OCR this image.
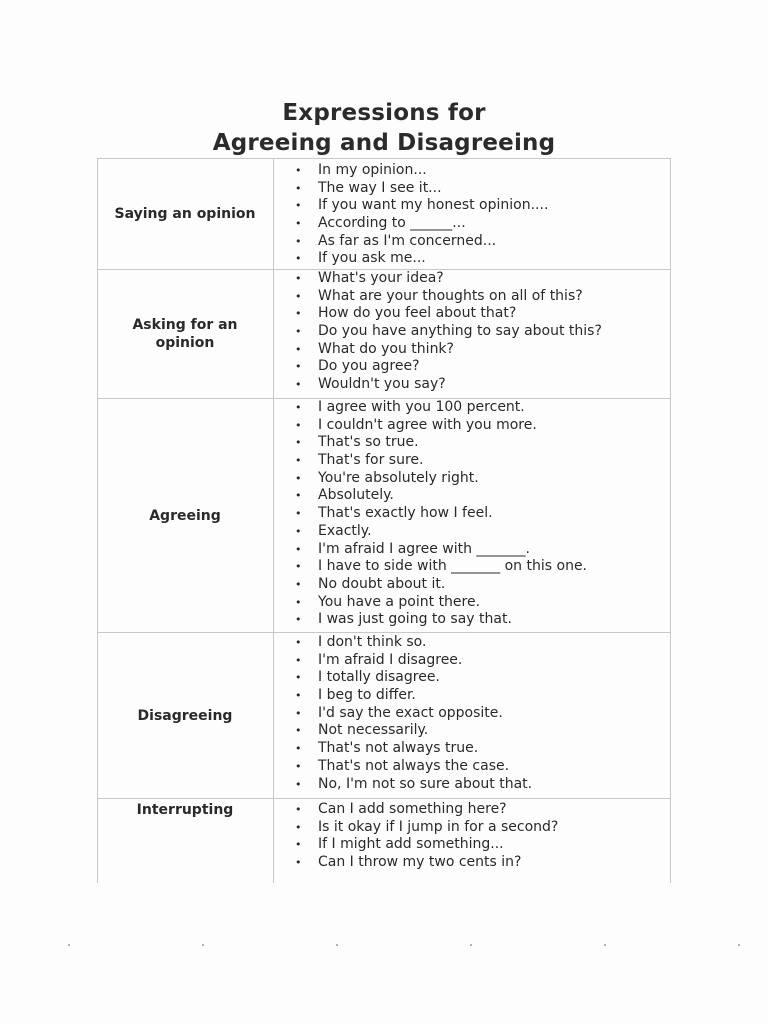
Expressions for
Agreeing and Disagreeing
Saying an opinion
• In my opinion...
• The way I see it...
• If you want my honest opinion....
• According to ______...
• As far as I'm concerned...
• If you ask me...
Asking for an opinion
• What's your idea?
• What are your thoughts on all of this?
• How do you feel about that?
• Do you have anything to say about this?
• What do you think?
• Do you agree?
• Wouldn't you say?
Agreeing
• I agree with you 100 percent.
• I couldn't agree with you more.
• That's so true.
• That's for sure.
• You're absolutely right.
• Absolutely.
• That's exactly how I feel.
• Exactly.
• I'm afraid I agree with _______.
• I have to side with _______ on this one.
• No doubt about it.
• You have a point there.
• I was just going to say that.
Disagreeing
• I don't think so.
• I'm afraid I disagree.
• I totally disagree.
• I beg to differ.
• I'd say the exact opposite.
• Not necessarily.
• That's not always true.
• That's not always the case.
• No, I'm not so sure about that.
Interrupting
•	Can I add something here?
• Is it okay if I jump in for a second?
• If I might add something...
• Can I throw my two cents in?
